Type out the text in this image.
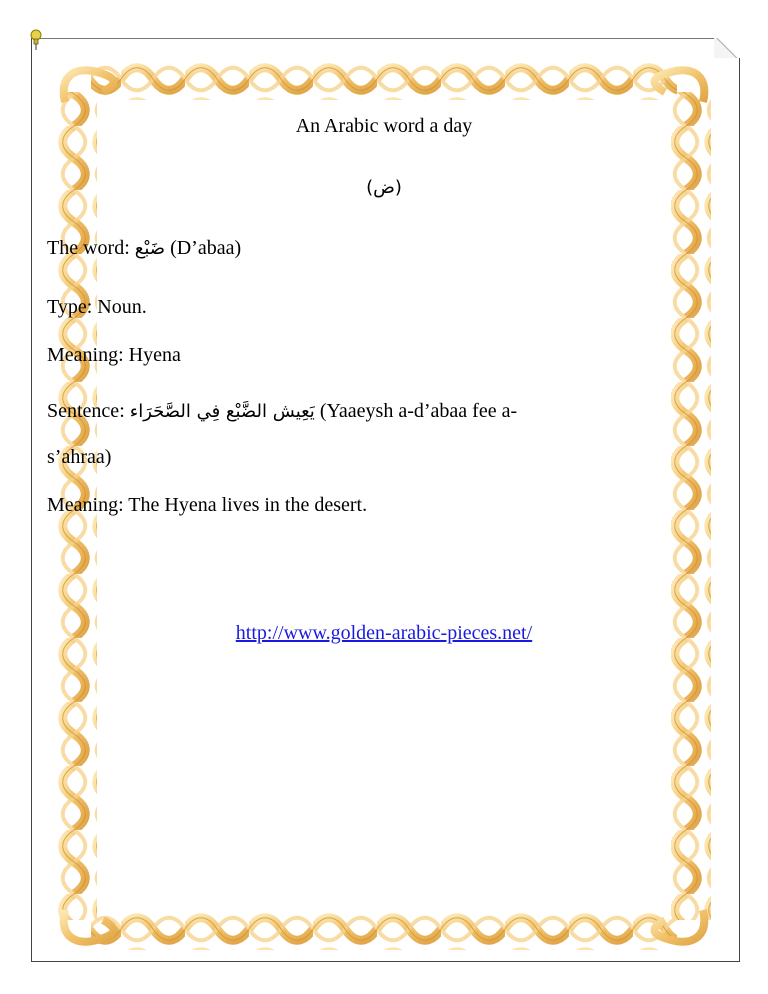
An Arabic word a day
(ض)
The word: ضَبْع (D’abaa)
Type: Noun.
Meaning: Hyena
Sentence: يَعِيش الضَّبْع فِي الصَّحَرَاء (Yaaeysh a-d’abaa fee a-
s’ahraa)
Meaning: The Hyena lives in the desert.
http://www.golden-arabic-pieces.net/
